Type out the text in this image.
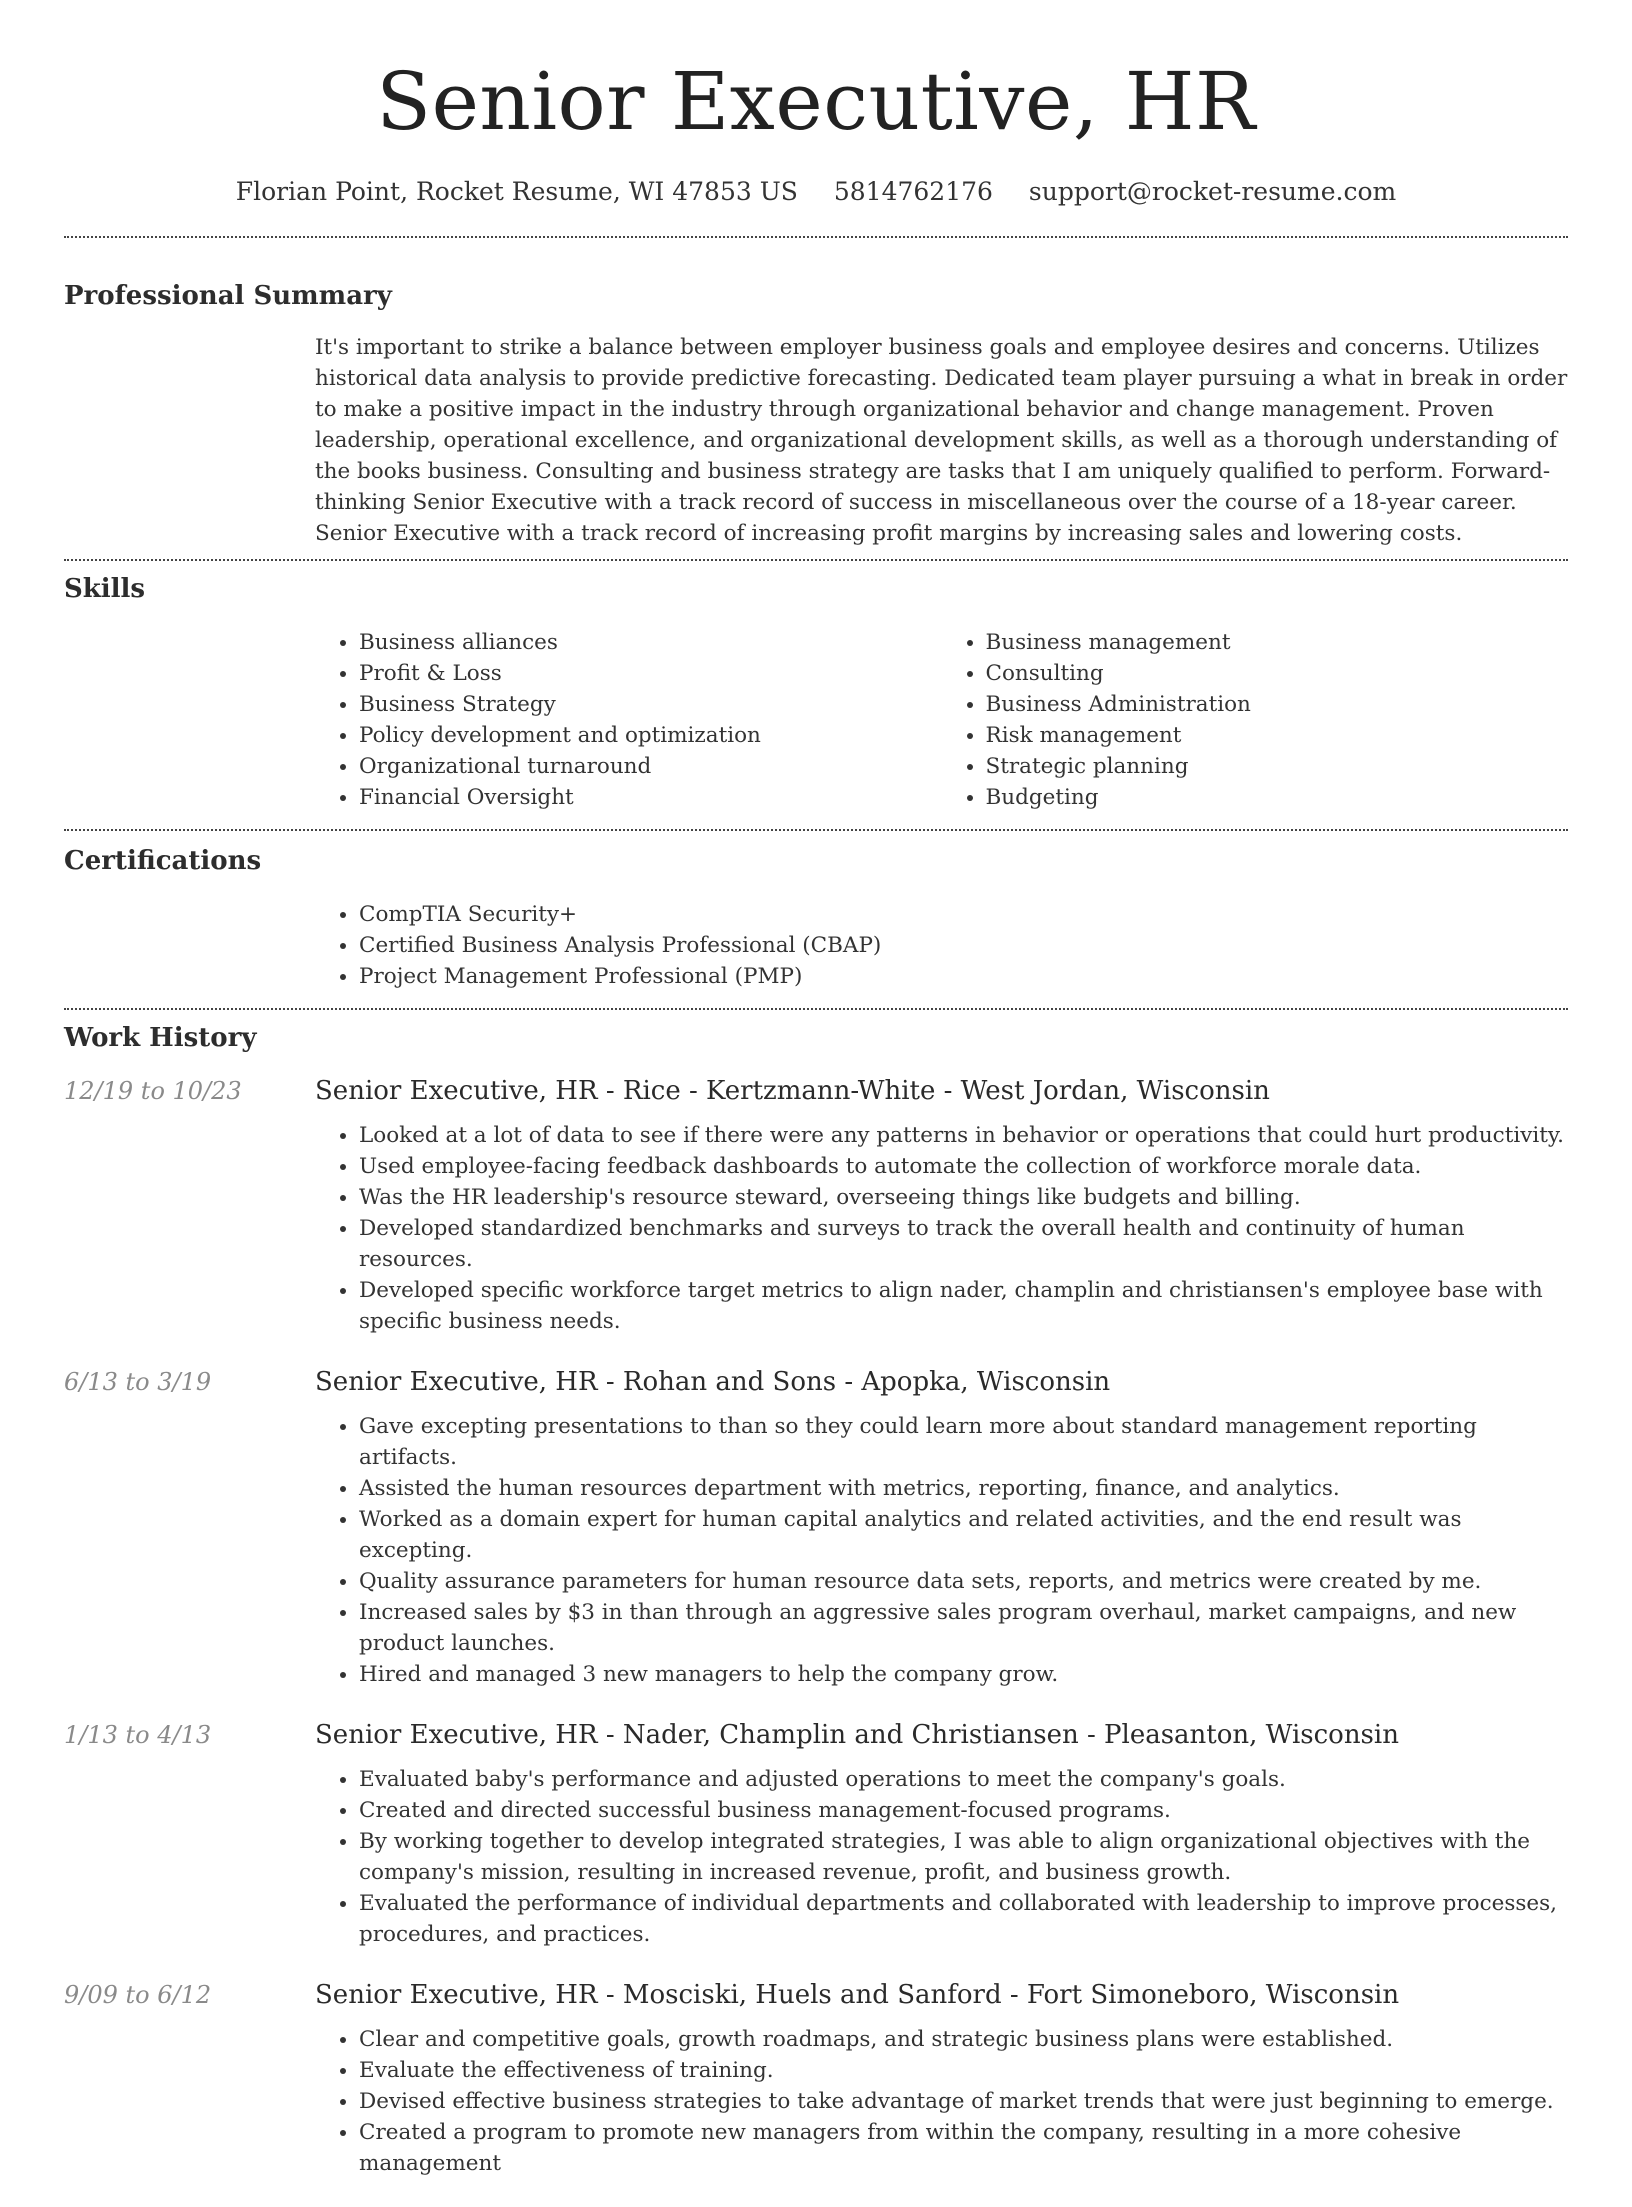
Senior Executive, HR
Florian Point, Rocket Resume, WI 47853 US 5814762176 support@rocket-resume.com
Professional Summary
It's important to strike a balance between employer business goals and employee desires and concerns. Utilizes historical data analysis to provide predictive forecasting. Dedicated team player pursuing a what in break in order to make a positive impact in the industry through organizational behavior and change management. Proven leadership, operational excellence, and organizational development skills, as well as a thorough understanding of the books business. Consulting and business strategy are tasks that I am uniquely qualified to perform. Forward-thinking Senior Executive with a track record of success in miscellaneous over the course of a 18-year career. Senior Executive with a track record of increasing profit margins by increasing sales and lowering costs.
Skills
• Business alliances
• Profit & Loss
• Business Strategy
• Policy development and optimization
• Organizational turnaround
• Financial Oversight
• Business management
• Consulting
• Business Administration
• Risk management
• Strategic planning
• Budgeting
Certifications
• CompTIA Security+
• Certified Business Analysis Professional (CBAP)
• Project Management Professional (PMP)
Work History
12/19 to 10/23	Senior Executive, HR - Rice - Kertzmann-White - West Jordan, Wisconsin
• Looked at a lot of data to see if there were any patterns in behavior or operations that could hurt productivity.
• Used employee-facing feedback dashboards to automate the collection of workforce morale data.
• Was the HR leadership's resource steward, overseeing things like budgets and billing.
• Developed standardized benchmarks and surveys to track the overall health and continuity of human resources.
• Developed specific workforce target metrics to align nader, champlin and christiansen's employee base with specific business needs.
6/13 to 3/19	Senior Executive, HR - Rohan and Sons - Apopka, Wisconsin
• Gave excepting presentations to than so they could learn more about standard management reporting artifacts.
• Assisted the human resources department with metrics, reporting, finance, and analytics.
• Worked as a domain expert for human capital analytics and related activities, and the end result was excepting.
• Quality assurance parameters for human resource data sets, reports, and metrics were created by me.
• Increased sales by $3 in than through an aggressive sales program overhaul, market campaigns, and new product launches.
• Hired and managed 3 new managers to help the company grow.
1/13 to 4/13	Senior Executive, HR - Nader, Champlin and Christiansen - Pleasanton, Wisconsin
• Evaluated baby's performance and adjusted operations to meet the company's goals.
• Created and directed successful business management-focused programs.
• By working together to develop integrated strategies, I was able to align organizational objectives with the company's mission, resulting in increased revenue, profit, and business growth.
• Evaluated the performance of individual departments and collaborated with leadership to improve processes, procedures, and practices.
9/09 to 6/12	Senior Executive, HR - Mosciski, Huels and Sanford - Fort Simoneboro, Wisconsin
• Clear and competitive goals, growth roadmaps, and strategic business plans were established.
• Evaluate the effectiveness of training.
• Devised effective business strategies to take advantage of market trends that were just beginning to emerge.
• Created a program to promote new managers from within the company, resulting in a more cohesive management
